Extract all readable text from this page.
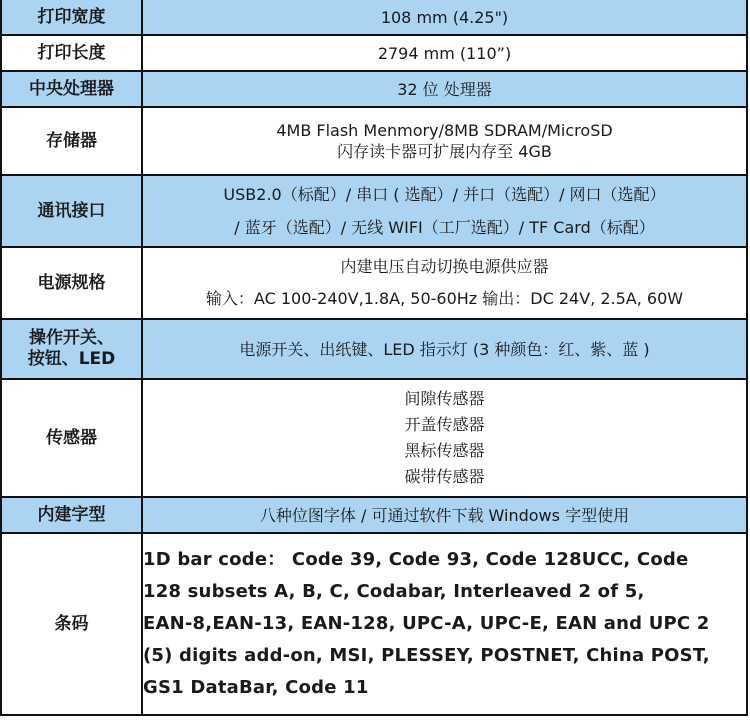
打印宽度	108 mm (4.25")

打印长度	2794 mm (110”)

中央处理器	32 位 处理器

存储器	4MB Flash Menmory/8MB SDRAM/MicroSD
闪存读卡器可扩展内存至 4GB

通讯接口	USB2.0（标配）/ 串口 ( 选配）/ 并口（选配）/ 网口（选配）
/ 蓝牙（选配）/ 无线 WIFI（工厂选配）/ TF Card（标配）

电源规格	内建电压自动切换电源供应器
输入：AC 100-240V,1.8A, 50-60Hz 输出：DC 24V, 2.5A, 60W

操作开关、
按钮、LED	电源开关、出纸键、LED 指示灯 (3 种颜色：红、紫、蓝 )

传感器	间隙传感器
开盖传感器
黑标传感器
碳带传感器

内建字型	八种位图字体 / 可通过软件下载 Windows 字型使用

条码	1D bar code： Code 39, Code 93, Code 128UCC, Code
128 subsets A, B, C, Codabar, Interleaved 2 of 5,
EAN-8,EAN-13, EAN-128, UPC-A, UPC-E, EAN and UPC 2
(5) digits add-on, MSI, PLESSEY, POSTNET, China POST,
GS1 DataBar, Code 11
